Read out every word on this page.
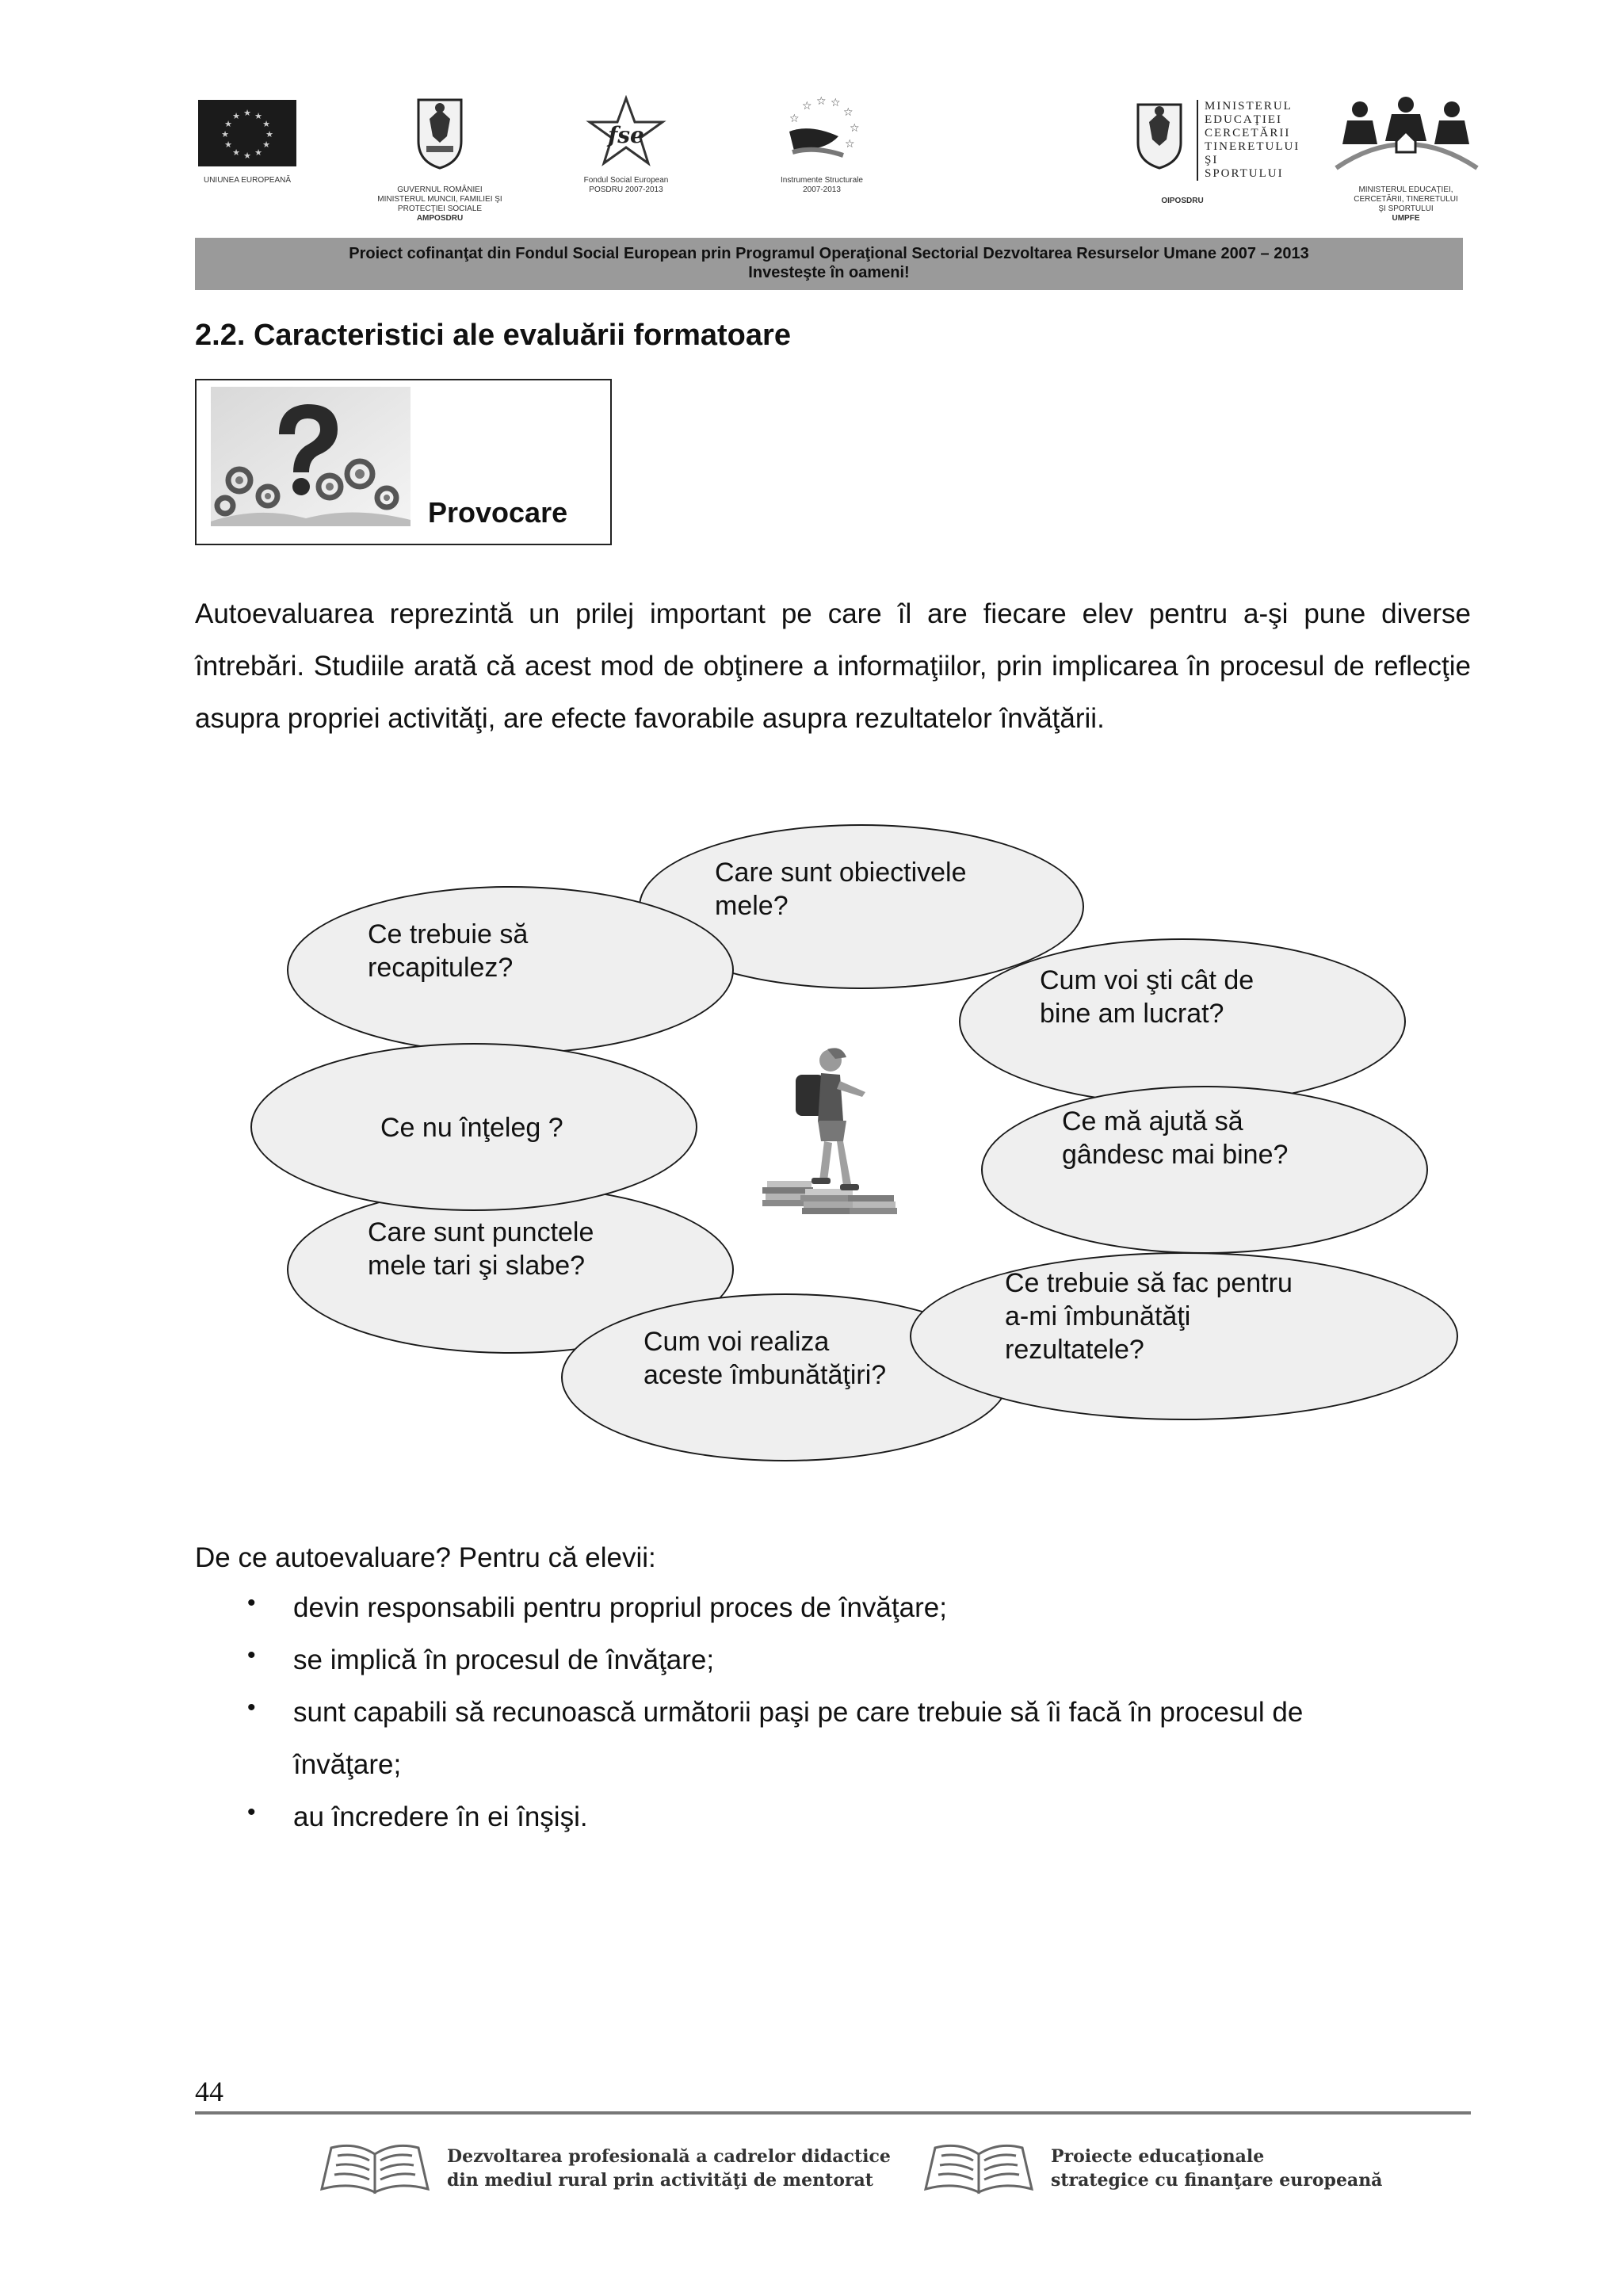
★ ★
★
★
★
★
★
★
★
★
★
★
UNIUNEA EUROPEANĂ

GUVERNUL ROMÂNIEI
MINISTERUL MUNCII, FAMILIEI ŞI
PROTECŢIEI SOCIALE
AMPOSDRU

fse
Fondul Social European
POSDRU 2007-2013
☆ ☆ ☆
☆
☆
☆
☆
Instrumente Structurale
2007-2013
MINISTERUL
EDUCAŢIEI
CERCETĂRII
TINERETULUI
ŞI SPORTULUI

OIPOSDRU

MINISTERUL EDUCAŢIEI,
CERCETĂRII, TINERETULUI
ŞI SPORTULUI
UMPFE

Proiect cofinanţat din Fondul Social European prin Programul Operaţional Sectorial Dezvoltarea Resurselor Umane 2007 – 2013
Investeşte în oameni!
2.2. Caracteristici ale evaluării formatoare
Provocare
Autoevaluarea reprezintă un prilej important pe care îl are fiecare elev pentru a-şi pune diverse întrebări. Studiile arată că acest mod de obţinere a informaţiilor, prin implicarea în procesul de reflecţie asupra propriei activităţi, are efecte favorabile asupra rezultatelor învăţării.
Care sunt obiectivele
mele?
Ce trebuie să
recapitulez?	Cum voi şti cât de
bine am lucrat?
Care sunt punctele
mele tari şi slabe?
Ce nu înţeleg ?	Ce mă ajută să
gândesc mai bine?
Cum voi realiza
aceste îmbunătăţiri?
Ce trebuie să fac pentru
a-mi îmbunătăţi
rezultatele?
De ce autoevaluare? Pentru că elevii:
• devin responsabili pentru propriul proces de învăţare;
• se implică în procesul de învăţare;
• sunt capabili să recunoască următorii paşi pe care trebuie să îi facă în procesul de învăţare;
• au încredere în ei înşişi.
44
Dezvoltarea profesională a cadrelor didactice
din mediul rural prin activităţi de mentorat
Proiecte educaţionale
strategice cu finanţare europeană
